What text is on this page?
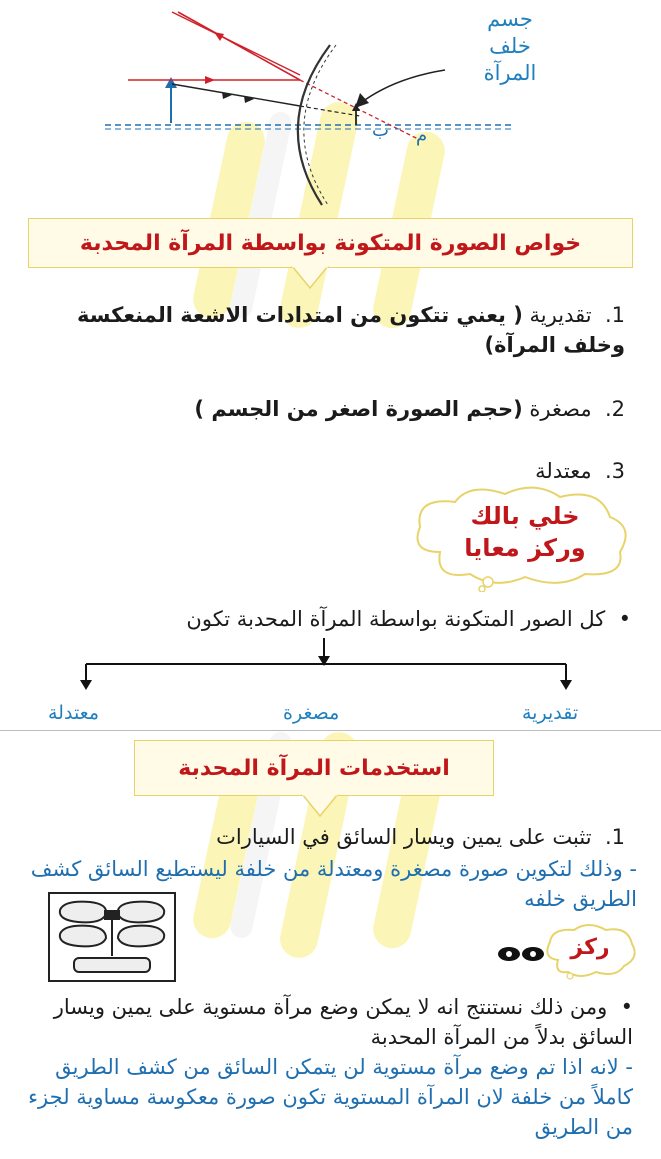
ب م
جسم
خلف
المرآة
خواص الصورة المتكونة بواسطة المرآة المحدبة
1.  تقديرية ( يعني تتكون من امتدادات الاشعة المنعكسة وخلف المرآة)
2.  مصغرة (حجم الصورة اصغر من الجسم )
3.  معتدلة
خلي بالك
وركز معايا
•  كل الصور المتكونة بواسطة المرآة المحدبة تكون
تقديرية
مصغرة
معتدلة
استخدمات المرآة المحدبة
1.  تثبت على يمين ويسار السائق في السيارات
- وذلك لتكوين صورة مصغرة ومعتدلة من خلفة ليستطيع السائق كشف الطريق خلفه
ركز
•  ومن ذلك نستنتج انه لا يمكن وضع مرآة مستوية على يمين ويسار السائق بدلاً من المرآة المحدبة
- لانه اذا تم وضع مرآة مستوية لن يتمكن السائق من كشف الطريق كاملاً من خلفة لان المرآة المستوية تكون صورة معكوسة مساوية لجزء من الطريق
